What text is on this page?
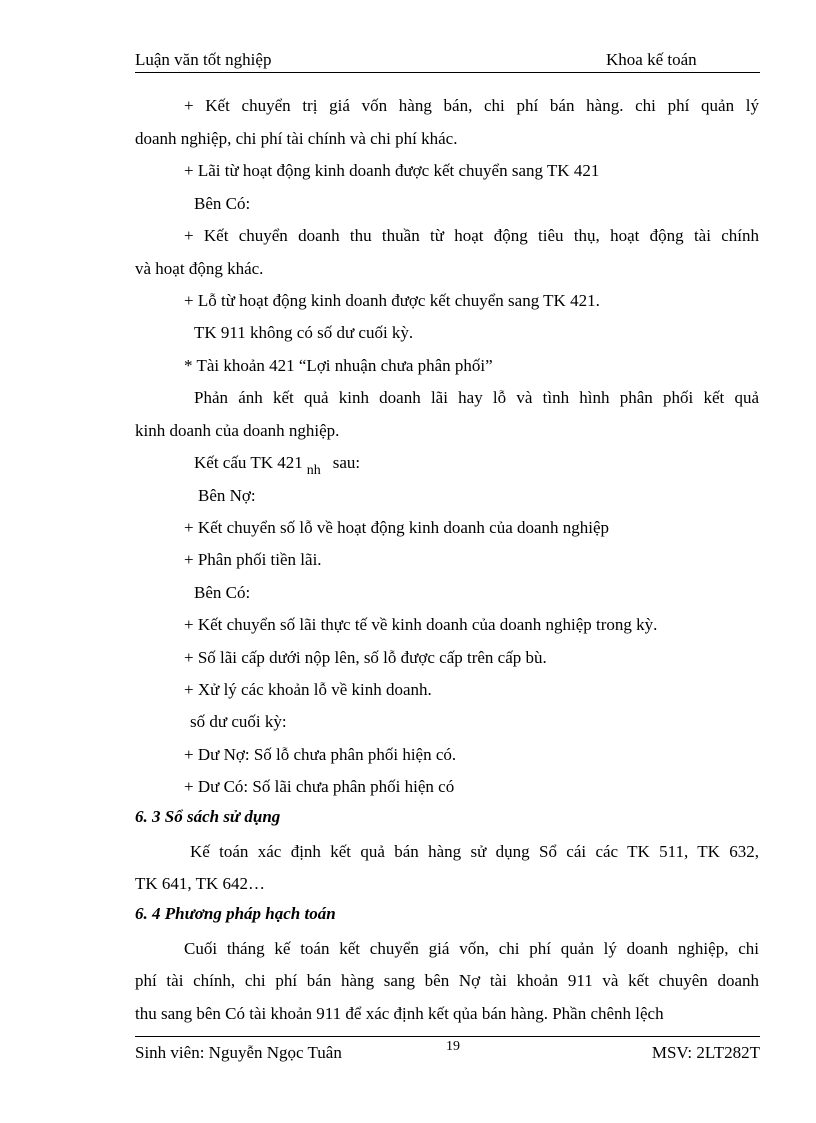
Luận văn tốt nghiệp	Khoa kế toán
+ Kết chuyển trị giá vốn hàng bán, chi phí bán hàng. chi phí quản lý
doanh nghiệp, chi phí tài chính và chi phí khác.
+ Lãi từ hoạt động kinh doanh được kết chuyển sang TK 421
Bên Có:
+ Kết chuyển doanh thu thuần từ hoạt động tiêu thụ, hoạt động tài chính
và hoạt động khác.
+ Lỗ từ hoạt động kinh doanh được kết chuyển sang TK 421.
TK 911 không có số dư cuối kỳ.
* Tài khoản 421 “Lợi nhuận chưa phân phối”
Phản ánh kết quả kinh doanh lãi hay lỗ và tình hình phân phối kết quả
kinh doanh của doanh nghiệp.
Kết cấu TK 421 $_{nh}$ sau:
Bên Nợ:
+ Kết chuyển số lỗ về hoạt động kinh doanh của doanh nghiệp
+ Phân phối tiền lãi.
Bên Có:
+ Kết chuyển số lãi thực tế về kinh doanh của doanh nghiệp trong kỳ.
+ Số lãi cấp dưới nộp lên, số lỗ được cấp trên cấp bù.
+ Xử lý các khoản lỗ về kinh doanh.
số dư cuối kỳ:
+ Dư Nợ: Số lỗ chưa phân phối hiện có.
+ Dư Có: Số lãi chưa phân phối hiện có
6. 3 Sổ sách sử dụng
Kế toán xác định kết quả bán hàng sử dụng Sổ cái các TK 511, TK 632,
TK 641, TK 642…
6. 4 Phương pháp hạch toán
Cuối tháng kế toán kết chuyển giá vốn, chi phí quản lý doanh nghiệp, chi
phí tài chính, chi phí bán hàng sang bên Nợ tài khoản 911 và kết chuyên doanh
thu sang bên Có tài khoản 911 để xác định kết qủa bán hàng. Phần chênh lệch
Sinh viên: Nguyễn Ngọc Tuân	19	MSV: 2LT282T
